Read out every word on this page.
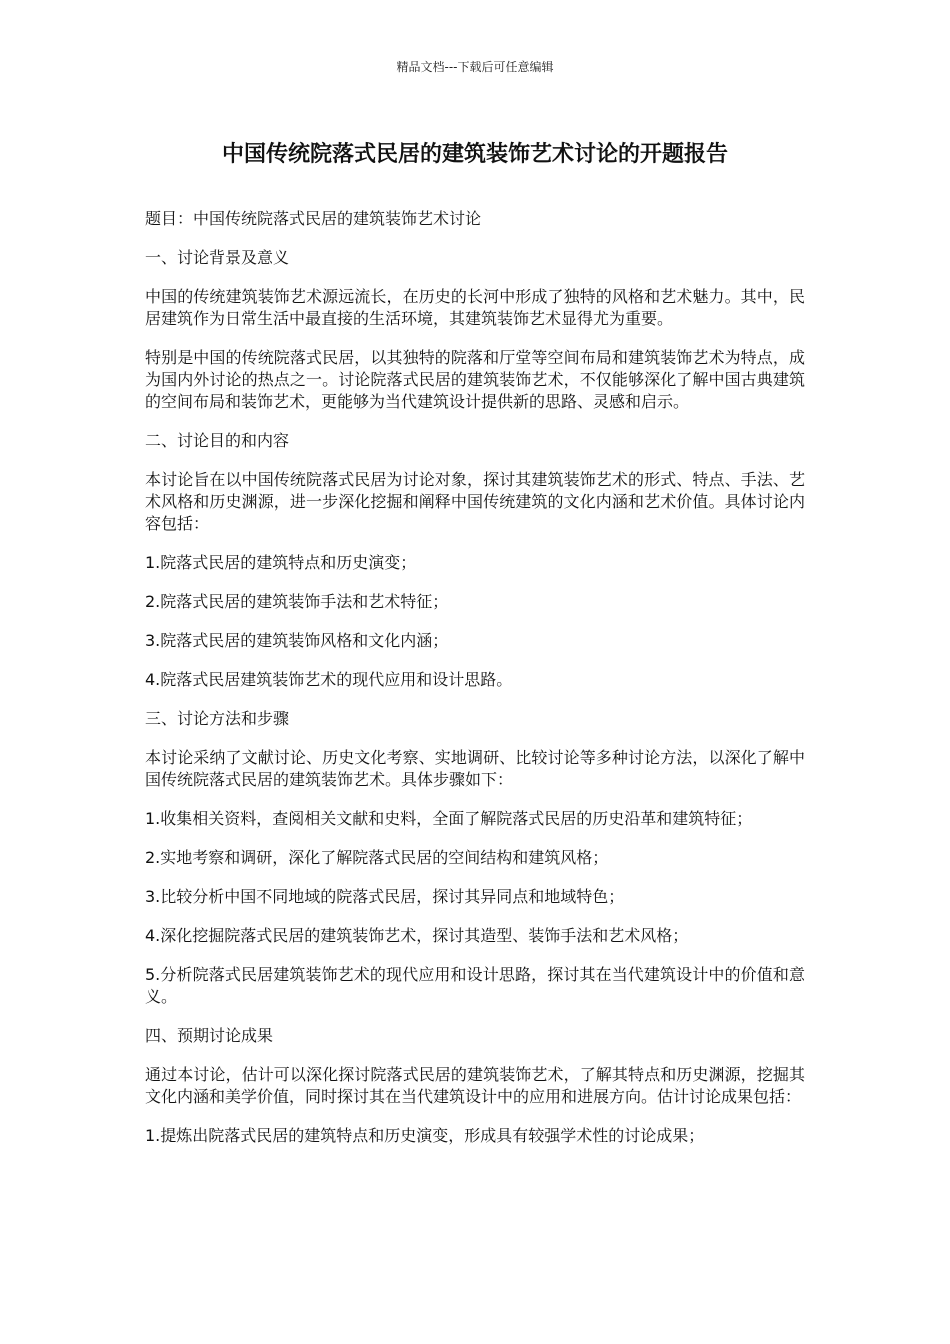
精品文档---下载后可任意编辑
中国传统院落式民居的建筑装饰艺术讨论的开题报告

题目：中国传统院落式民居的建筑装饰艺术讨论

一、讨论背景及意义

中国的传统建筑装饰艺术源远流长，在历史的长河中形成了独特的风格和艺术魅力。其中，民居建筑作为日常生活中最直接的生活环境，其建筑装饰艺术显得尤为重要。

特别是中国的传统院落式民居，以其独特的院落和厅堂等空间布局和建筑装饰艺术为特点，成为国内外讨论的热点之一。讨论院落式民居的建筑装饰艺术，不仅能够深化了解中国古典建筑的空间布局和装饰艺术，更能够为当代建筑设计提供新的思路、灵感和启示。

二、讨论目的和内容

本讨论旨在以中国传统院落式民居为讨论对象，探讨其建筑装饰艺术的形式、特点、手法、艺术风格和历史渊源，进一步深化挖掘和阐释中国传统建筑的文化内涵和艺术价值。具体讨论内容包括：

1.院落式民居的建筑特点和历史演变；

2.院落式民居的建筑装饰手法和艺术特征；

3.院落式民居的建筑装饰风格和文化内涵；

4.院落式民居建筑装饰艺术的现代应用和设计思路。

三、讨论方法和步骤

本讨论采纳了文献讨论、历史文化考察、实地调研、比较讨论等多种讨论方法，以深化了解中国传统院落式民居的建筑装饰艺术。具体步骤如下：

1.收集相关资料，查阅相关文献和史料，全面了解院落式民居的历史沿革和建筑特征；

2.实地考察和调研，深化了解院落式民居的空间结构和建筑风格；

3.比较分析中国不同地域的院落式民居，探讨其异同点和地域特色；

4.深化挖掘院落式民居的建筑装饰艺术，探讨其造型、装饰手法和艺术风格；

5.分析院落式民居建筑装饰艺术的现代应用和设计思路，探讨其在当代建筑设计中的价值和意义。

四、预期讨论成果

通过本讨论，估计可以深化探讨院落式民居的建筑装饰艺术，了解其特点和历史渊源，挖掘其文化内涵和美学价值，同时探讨其在当代建筑设计中的应用和进展方向。估计讨论成果包括：

1.提炼出院落式民居的建筑特点和历史演变，形成具有较强学术性的讨论成果；
